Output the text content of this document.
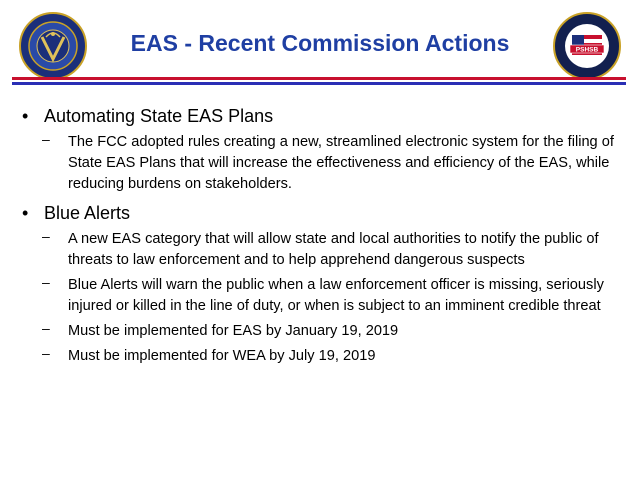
PSHSB
EAS - Recent Commission Actions
• Automating State EAS Plans
– The FCC adopted rules creating a new, streamlined electronic system for the filing of State EAS Plans that will increase the effectiveness and efficiency of the EAS, while reducing burdens on stakeholders.
• Blue Alerts
– A new EAS category that will allow state and local authorities to notify the public of threats to law enforcement and to help apprehend dangerous suspects
– Blue Alerts will warn the public when a law enforcement officer is missing, seriously injured or killed in the line of duty, or when is subject to an imminent credible threat
– Must be implemented for EAS by January 19, 2019
– Must be implemented for WEA by July 19, 2019
